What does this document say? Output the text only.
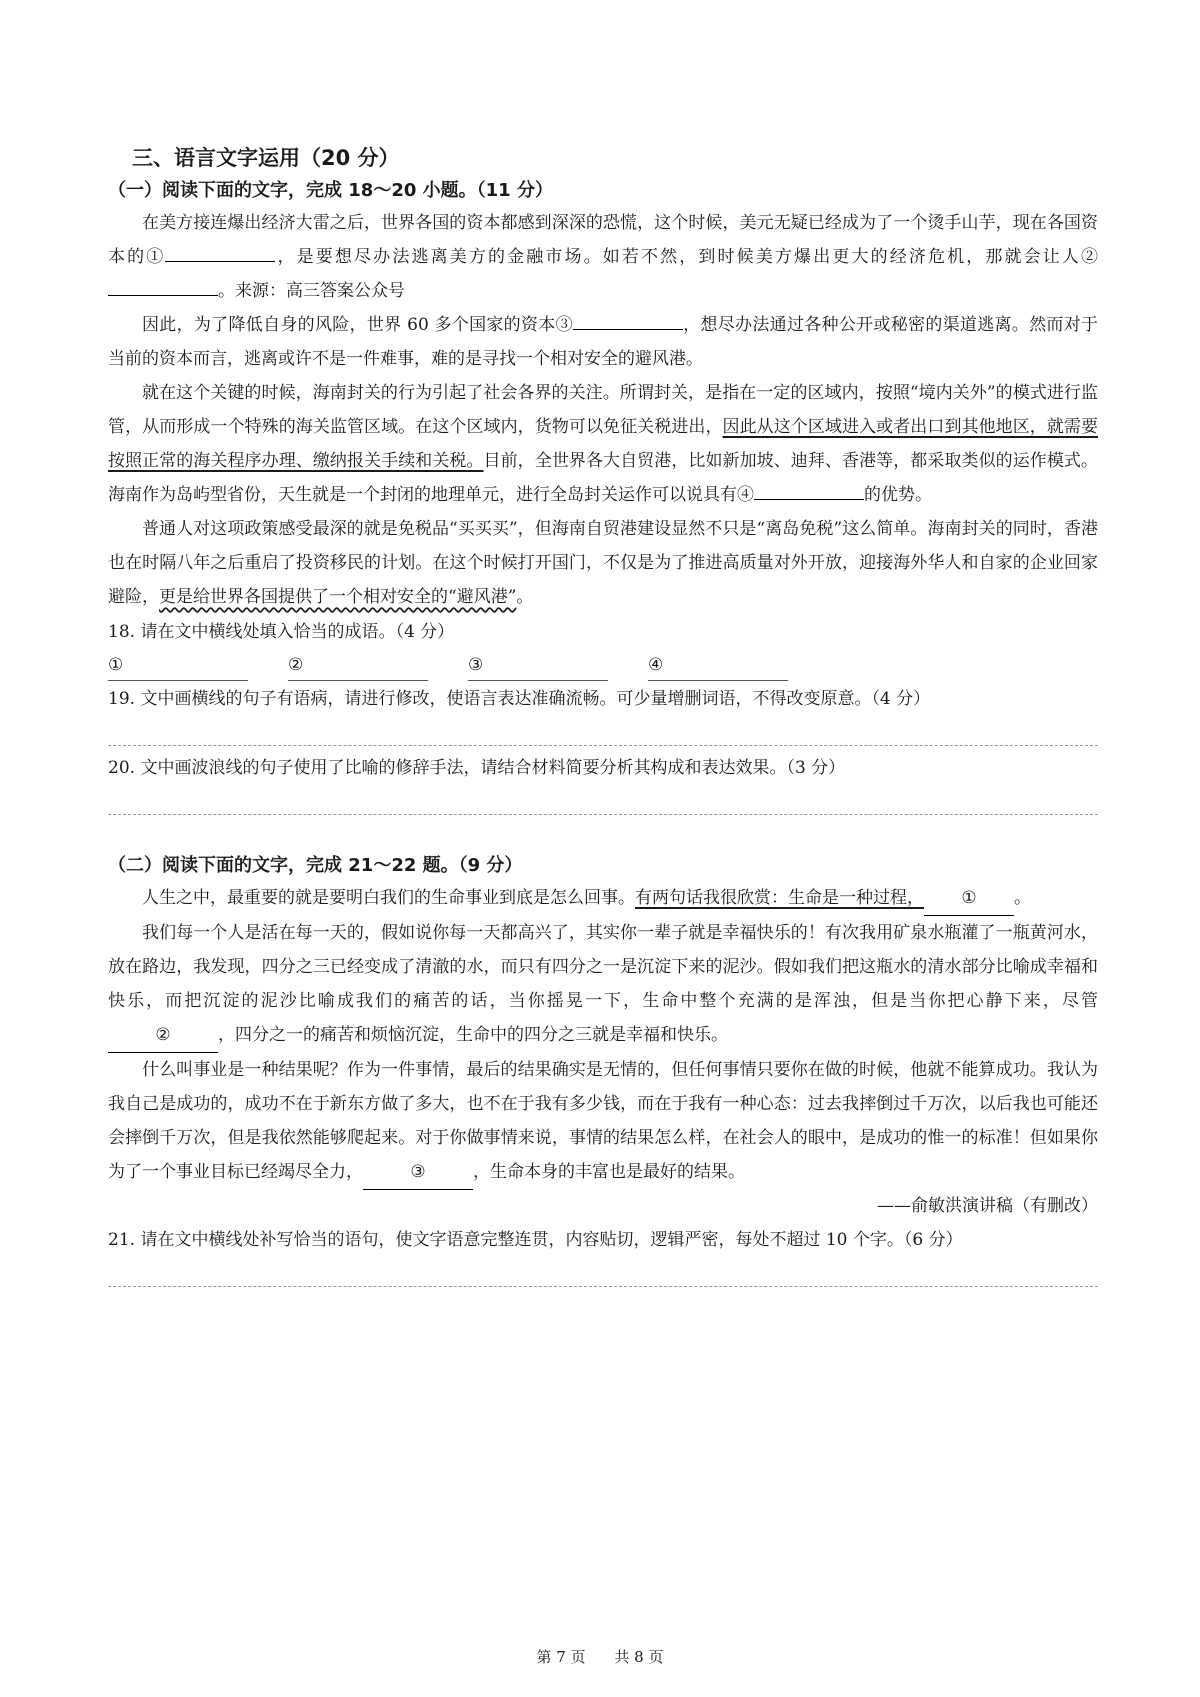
三、语言文字运用（20 分）
（一）阅读下面的文字，完成 18～20 小题。（11 分）

在美方接连爆出经济大雷之后，世界各国的资本都感到深深的恐慌，这个时候，美元无疑已经成为了一个烫手山芋，现在各国资本的①	，是要想尽办法逃离美方的金融市场。如若不然，到时候美方爆出更大的经济危机，那就会让人②。来源：高三答案公众号

因此，为了降低自身的风险，世界 60 多个国家的资本③	，想尽办法通过各种公开或秘密的渠道逃离。然而对于当前的资本而言，逃离或许不是一件难事，难的是寻找一个相对安全的避风港。

就在这个关键的时候，海南封关的行为引起了社会各界的关注。所谓封关，是指在一定的区域内，按照“境内关外”的模式进行监管，从而形成一个特殊的海关监管区域。在这个区域内，货物可以免征关税进出，因此从这个区域进入或者出口到其他地区，就需要按照正常的海关程序办理、缴纳报关手续和关税。目前，全世界各大自贸港，比如新加坡、迪拜、香港等，都采取类似的运作模式。海南作为岛屿型省份，天生就是一个封闭的地理单元，进行全岛封关运作可以说具有④	的优势。

普通人对这项政策感受最深的就是免税品“买买买”，但海南自贸港建设显然不只是“离岛免税”这么简单。海南封关的同时，香港也在时隔八年之后重启了投资移民的计划。在这个时候打开国门，不仅是为了推进高质量对外开放，迎接海外华人和自家的企业回家避险，更是给世界各国提供了一个相对安全的“避风港”。

18. 请在文中横线处填入恰当的成语。（4 分）
①	②	③	④
19. 文中画横线的句子有语病，请进行修改，使语言表达准确流畅。可少量增删词语，不得改变原意。（4 分）
20. 文中画波浪线的句子使用了比喻的修辞手法，请结合材料简要分析其构成和表达效果。（3 分）
（二）阅读下面的文字，完成 21～22 题。（9 分）

人生之中，最重要的就是要明白我们的生命事业到底是怎么回事。有两句话我很欣赏：生命是一种过程， ① 。

我们每一个人是活在每一天的，假如说你每一天都高兴了，其实你一辈子就是幸福快乐的！有次我用矿泉水瓶灌了一瓶黄河水，放在路边，我发现，四分之三已经变成了清澈的水，而只有四分之一是沉淀下来的泥沙。假如我们把这瓶水的清水部分比喻成幸福和快乐，而把沉淀的泥沙比喻成我们的痛苦的话，当你摇晃一下，生命中整个充满的是浑浊，但是当你把心静下来，尽管②	，四分之一的痛苦和烦恼沉淀，生命中的四分之三就是幸福和快乐。

什么叫事业是一种结果呢？作为一件事情，最后的结果确实是无情的，但任何事情只要你在做的时候，他就不能算成功。我认为我自己是成功的，成功不在于新东方做了多大，也不在于我有多少钱，而在于我有一种心态：过去我摔倒过千万次，以后我也可能还会摔倒千万次，但是我依然能够爬起来。对于你做事情来说，事情的结果怎么样，在社会人的眼中，是成功的惟一的标准！但如果你为了一个事业目标已经竭尽全力，	③	，生命本身的丰富也是最好的结果。

——俞敏洪演讲稿（有删改）
21. 请在文中横线处补写恰当的语句，使文字语意完整连贯，内容贴切，逻辑严密，每处不超过 10 个字。（6 分）
第 7 页 共 8 页
